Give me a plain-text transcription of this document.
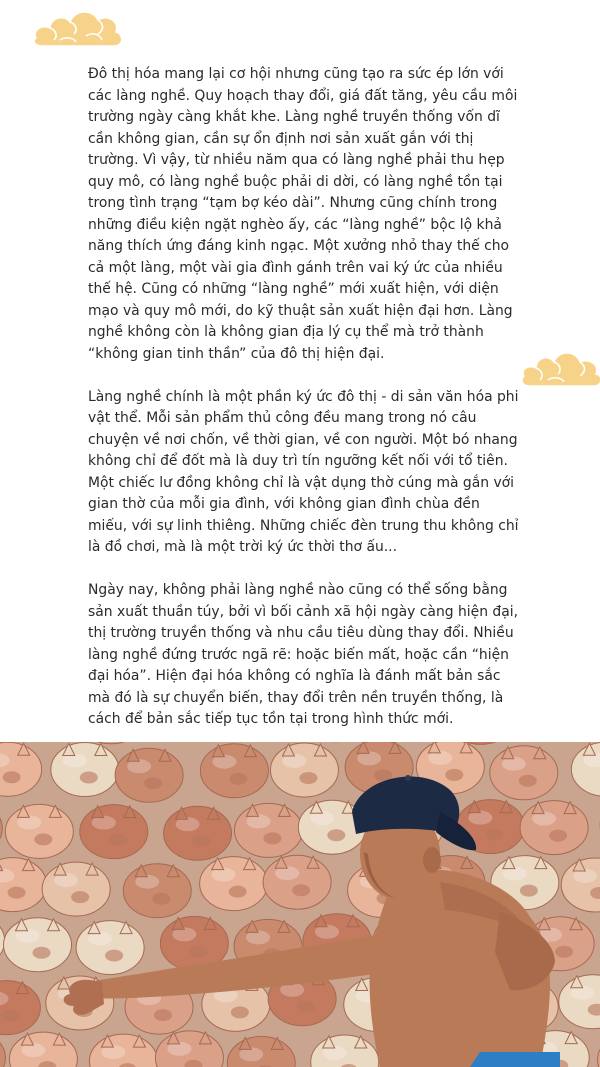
Đô thị hóa mang lại cơ hội nhưng cũng tạo ra sức ép lớn với các làng nghề. Quy hoạch thay đổi, giá đất tăng, yêu cầu môi trường ngày càng khắt khe. Làng nghề truyền thống vốn dĩ cần không gian, cần sự ổn định nơi sản xuất gắn với thị trường. Vì vậy, từ nhiều năm qua có làng nghề phải thu hẹp quy mô, có làng nghề buộc phải di dời, có làng nghề tồn tại trong tình trạng “tạm bợ kéo dài”. Nhưng cũng chính trong những điều kiện ngặt nghèo ấy, các “làng nghề” bộc lộ khả năng thích ứng đáng kinh ngạc. Một xưởng nhỏ thay thế cho cả một làng, một vài gia đình gánh trên vai ký ức của nhiều thế hệ. Cũng có những “làng nghề” mới xuất hiện, với diện mạo và quy mô mới, do kỹ thuật sản xuất hiện đại hơn. Làng nghề không còn là không gian địa lý cụ thể mà trở thành “không gian tinh thần” của đô thị hiện đại.

Làng nghề chính là một phần ký ức đô thị - di sản văn hóa phi vật thể. Mỗi sản phẩm thủ công đều mang trong nó câu chuyện về nơi chốn, về thời gian, về con người. Một bó nhang không chỉ để đốt mà là duy trì tín ngưỡng kết nối với tổ tiên. Một chiếc lư đồng không chỉ là vật dụng thờ cúng mà gắn với gian thờ của mỗi gia đình, với không gian đình chùa đền miếu, với sự linh thiêng. Những chiếc đèn trung thu không chỉ là đồ chơi, mà là một trời ký ức thời thơ ấu...

Ngày nay, không phải làng nghề nào cũng có thể sống bằng sản xuất thuần túy, bởi vì bối cảnh xã hội ngày càng hiện đại, thị trường truyền thống và nhu cầu tiêu dùng thay đổi. Nhiều làng nghề đứng trước ngã rẽ: hoặc biến mất, hoặc cần “hiện đại hóa”. Hiện đại hóa không có nghĩa là đánh mất bản sắc mà đó là sự chuyển biến, thay đổi trên nền truyền thống, là cách để bản sắc tiếp tục tồn tại trong hình thức mới.
